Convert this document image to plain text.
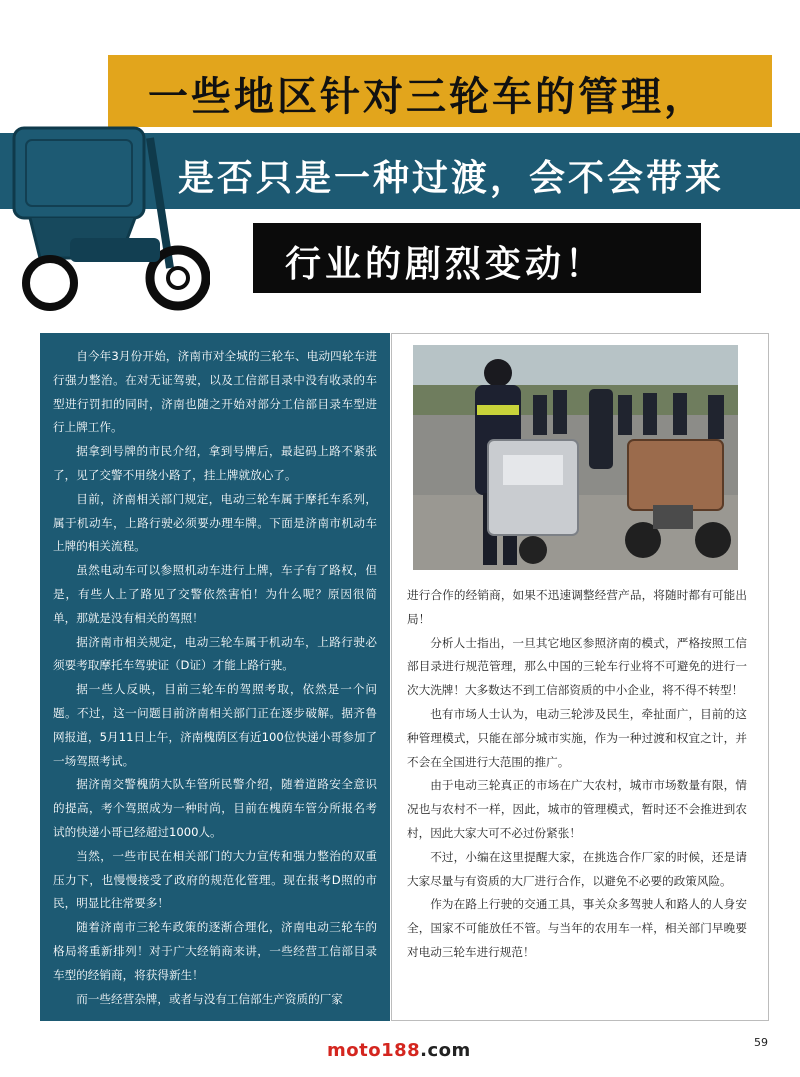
一些地区针对三轮车的管理，
是否只是一种过渡，会不会带来
行业的剧烈变动！

自今年3月份开始，济南市对全城的三轮车、电动四轮车进行强力整治。在对无证驾驶，以及工信部目录中没有收录的车型进行罚扣的同时，济南也随之开始对部分工信部目录车型进行上牌工作。

据拿到号牌的市民介绍，拿到号牌后，最起码上路不紧张了，见了交警不用绕小路了，挂上牌就放心了。

目前，济南相关部门规定，电动三轮车属于摩托车系列，属于机动车，上路行驶必须要办理车牌。下面是济南市机动车上牌的相关流程。

虽然电动车可以参照机动车进行上牌，车子有了路权，但是，有些人上了路见了交警依然害怕！为什么呢？原因很简单，那就是没有相关的驾照！

据济南市相关规定，电动三轮车属于机动车，上路行驶必须要考取摩托车驾驶证（D证）才能上路行驶。

据一些人反映，目前三轮车的驾照考取，依然是一个问题。不过，这一问题目前济南相关部门正在逐步破解。据齐鲁网报道，5月11日上午，济南槐荫区有近100位快递小哥参加了一场驾照考试。

据济南交警槐荫大队车管所民警介绍，随着道路安全意识的提高，考个驾照成为一种时尚，目前在槐荫车管分所报名考试的快递小哥已经超过1000人。

当然，一些市民在相关部门的大力宣传和强力整治的双重压力下，也慢慢接受了政府的规范化管理。现在报考D照的市民，明显比往常要多！

随着济南市三轮车政策的逐渐合理化，济南电动三轮车的格局将重新排列！对于广大经销商来讲，一些经营工信部目录车型的经销商，将获得新生！

而一些经营杂牌，或者与没有工信部生产资质的厂家

进行合作的经销商，如果不迅速调整经营产品，将随时都有可能出局！

分析人士指出，一旦其它地区参照济南的模式，严格按照工信部目录进行规范管理，那么中国的三轮车行业将不可避免的进行一次大洗牌！大多数达不到工信部资质的中小企业，将不得不转型！

也有市场人士认为，电动三轮涉及民生，牵扯面广，目前的这种管理模式，只能在部分城市实施，作为一种过渡和权宜之计，并不会在全国进行大范围的推广。

由于电动三轮真正的市场在广大农村，城市市场数量有限，情况也与农村不一样，因此，城市的管理模式，暂时还不会推进到农村，因此大家大可不必过份紧张！

不过，小编在这里提醒大家，在挑选合作厂家的时候，还是请大家尽量与有资质的大厂进行合作，以避免不必要的政策风险。

作为在路上行驶的交通工具，事关众多驾驶人和路人的人身安全，国家不可能放任不管。与当年的农用车一样，相关部门早晚要对电动三轮车进行规范！

59
moto188.com
